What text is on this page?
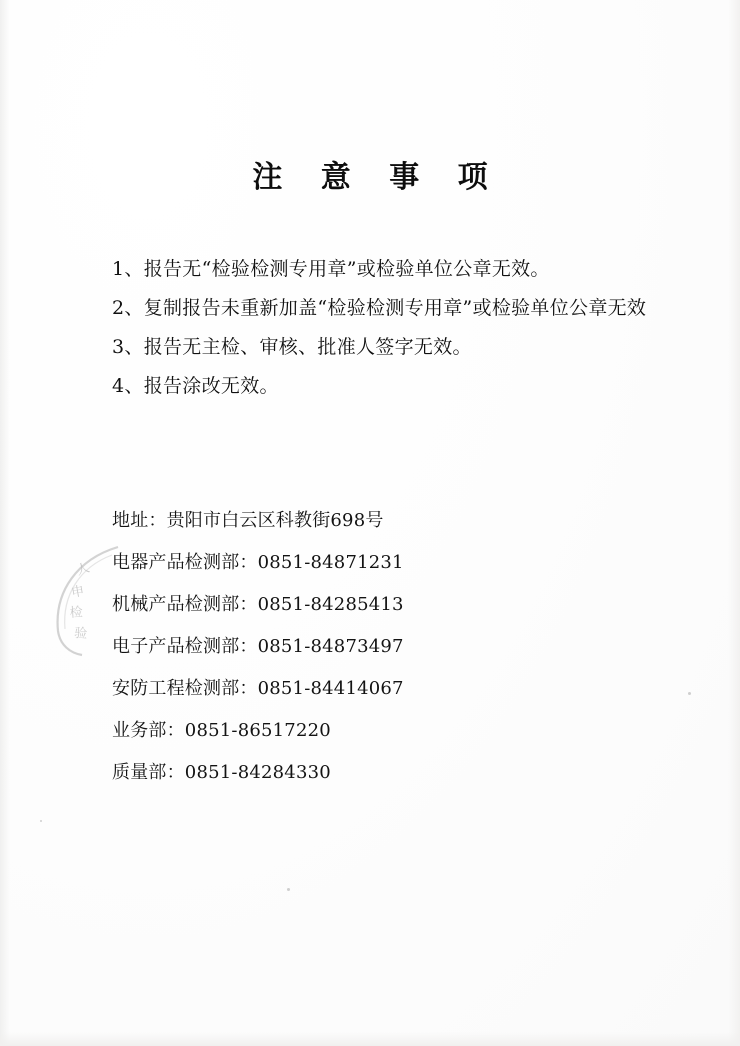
注 意 事 项
1、报告无“检验检测专用章”或检验单位公章无效。
2、复制报告未重新加盖“检验检测专用章”或检验单位公章无效
3、报告无主检、审核、批准人签字无效。
4、报告涂改无效。
地址：贵阳市白云区科教街698号
电器产品检测部：0851-84871231
机械产品检测部：0851-84285413
电子产品检测部：0851-84873497
安防工程检测部：0851-84414067
业务部：0851-86517220
质量部：0851-84284330
人
申
检
验
